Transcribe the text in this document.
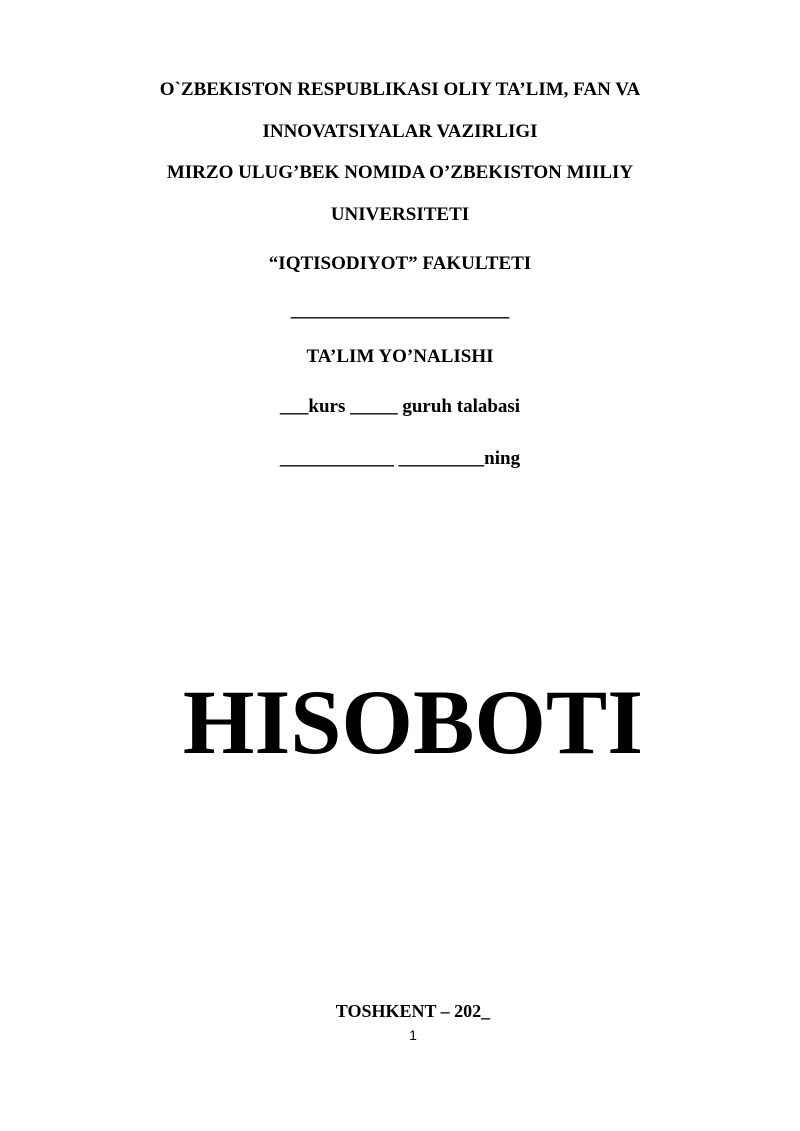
O`ZBEKISTON RESPUBLIKASI OLIY TA’LIM, FAN VA
INNOVATSIYALAR VAZIRLIGI
MIRZO ULUG’BEK NOMIDA O’ZBEKISTON MIILIY
UNIVERSITETI
“IQTISODIYOT” FAKULTETI
_______________________
TA’LIM YO’NALISHI
___kurs _____ guruh talabasi
____________ _________ning
HISOBOTI
TOSHKENT – 202_
1
